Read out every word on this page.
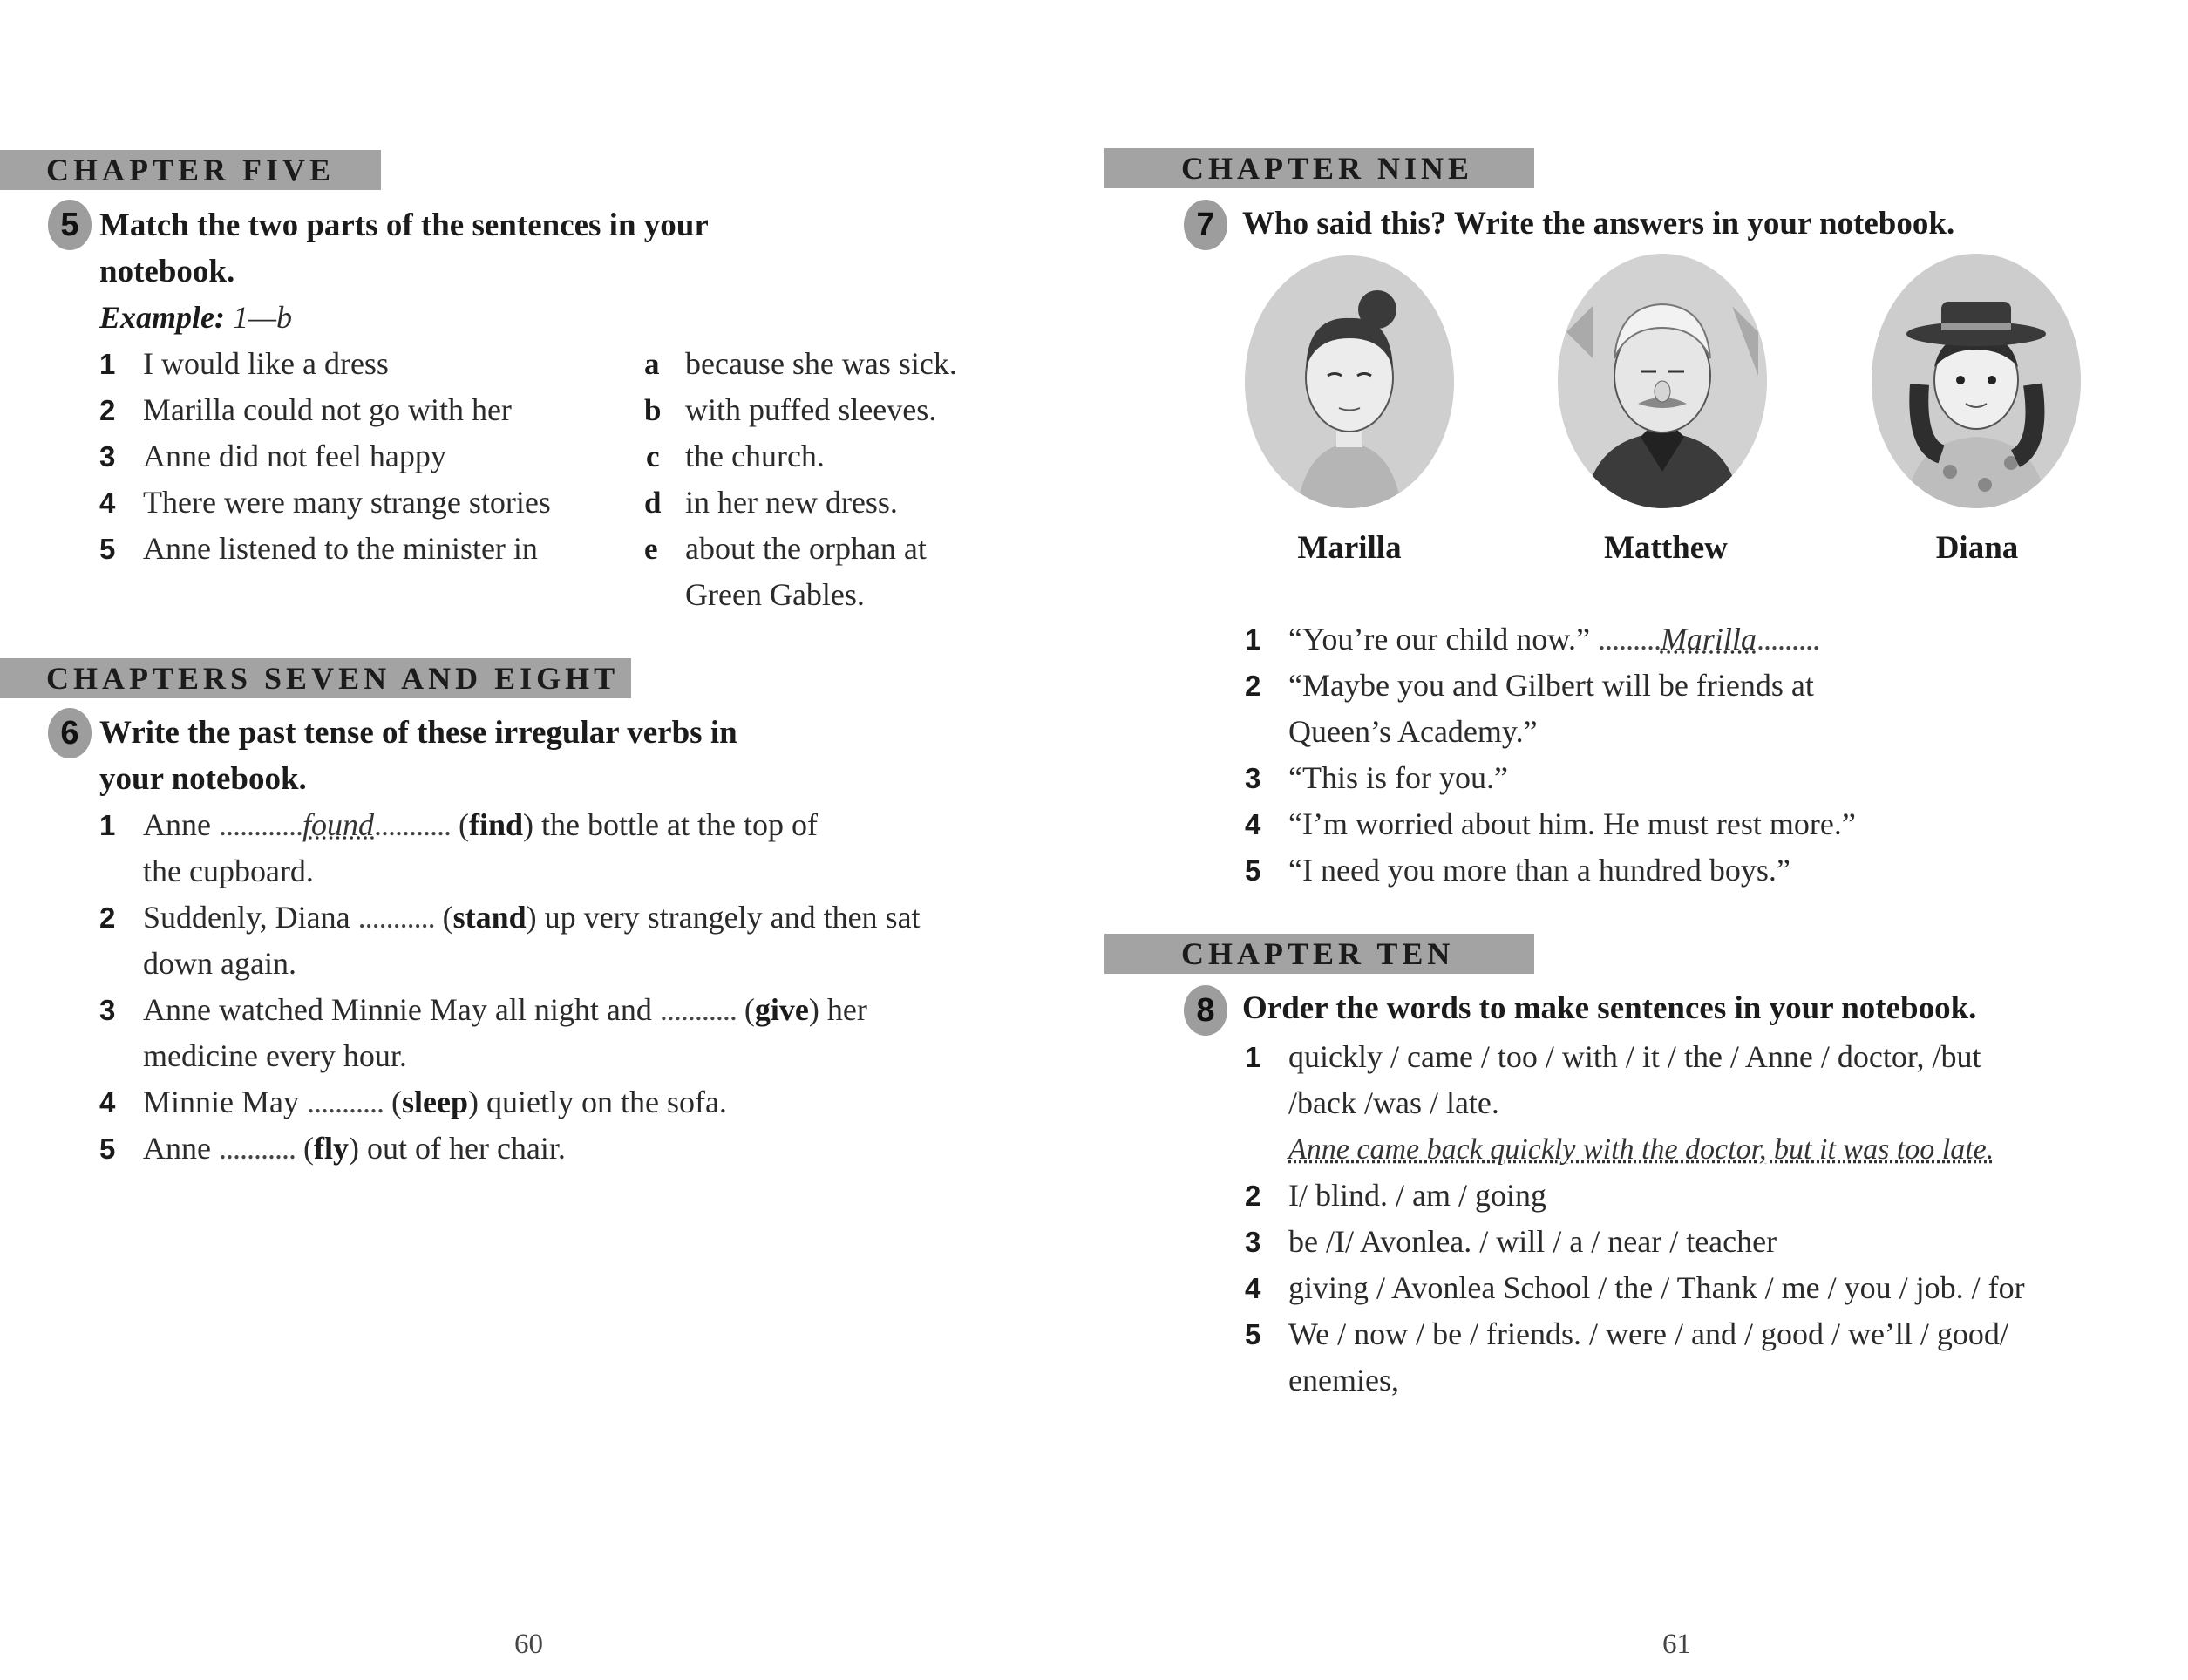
CHAPTER FIVE
5 Match the two parts of the sentences in your
notebook.
Example: 1—b
1 I would like a dress
2 Marilla could not go with her
3 Anne did not feel happy
4 There were many strange stories
5 Anne listened to the minister in
a because she was sick.
b with puffed sleeves.
c the church.
d in her new dress.
e about the orphan at
Green Gables.
CHAPTERS SEVEN AND EIGHT
6 Write the past tense of these irregular verbs in
your notebook.
1 Anne ............found........... (find) the bottle at the top of
the cupboard.
2 Suddenly, Diana ........... (stand) up very strangely and then sat
down again.
3 Anne watched Minnie May all night and ........... (give) her
medicine every hour.
4 Minnie May ........... (sleep) quietly on the sofa.
5 Anne ........... (fly) out of her chair.
60
CHAPTER NINE
7 Who said this? Write the answers in your notebook.
Marilla	Matthew	Diana
1 “You’re our child now.” .........Marilla.........
2 “Maybe you and Gilbert will be friends at
Queen’s Academy.”
3 “This is for you.”
4 “I’m worried about him. He must rest more.”
5 “I need you more than a hundred boys.”
CHAPTER TEN
8 Order the words to make sentences in your notebook.
1 quickly / came / too / with / it / the / Anne / doctor, /but
/back /was / late.
Anne came back quickly with the doctor, but it was too late.
2 I/ blind. / am / going
3 be /I/ Avonlea. / will / a / near / teacher
4 giving / Avonlea School / the / Thank / me / you / job. / for
5 We / now / be / friends. / were / and / good / we’ll / good/
enemies,
61
